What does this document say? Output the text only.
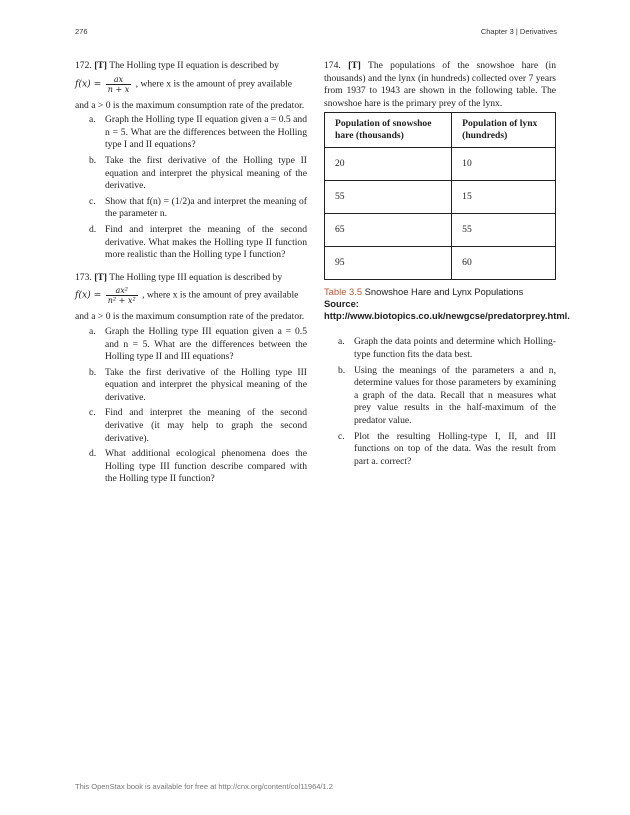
276	Chapter 3 | Derivatives
172. [T] The Holling type II equation is described by
$f(x) = \frac{ax}{n + x}$ , where x is the amount of prey available
and a > 0 is the maximum consumption rate of the predator.
a. Graph the Holling type II equation given a = 0.5 and n = 5. What are the differences between the Holling type I and II equations?
b. Take the first derivative of the Holling type II equation and interpret the physical meaning of the derivative.
c. Show that f(n) = (1/2)a and interpret the meaning of the parameter n.
d. Find and interpret the meaning of the second derivative. What makes the Holling type II function more realistic than the Holling type I function?
173. [T] The Holling type III equation is described by
$f(x) = \frac{\text{ax²}}{\text{n² + x²}}$ , where x is the amount of prey available
and a > 0 is the maximum consumption rate of the predator.
a. Graph the Holling type III equation given a = 0.5 and n = 5. What are the differences between the Holling type II and III equations?
b. Take the first derivative of the Holling type III equation and interpret the physical meaning of the derivative.
c. Find and interpret the meaning of the second derivative (it may help to graph the second derivative).
d. What additional ecological phenomena does the Holling type III function describe compared with the Holling type II function?
174. [T] The populations of the snowshoe hare (in thousands) and the lynx (in hundreds) collected over 7 years from 1937 to 1943 are shown in the following table. The snowshoe hare is the primary prey of the lynx.
Population of snowshoe hare (thousands)	Population of lynx (hundreds)
20	10
55	15
65	55
95	60
Table 3.5 Snowshoe Hare and Lynx Populations Source: http://www.biotopics.co.uk/newgcse/predatorprey.html.
a. Graph the data points and determine which Holling-type function fits the data best.
b. Using the meanings of the parameters a and n, determine values for those parameters by examining a graph of the data. Recall that n measures what prey value results in the half-maximum of the predator value.
c. Plot the resulting Holling-type I, II, and III functions on top of the data. Was the result from part a. correct?
This OpenStax book is available for free at http://cnx.org/content/col11964/1.2
